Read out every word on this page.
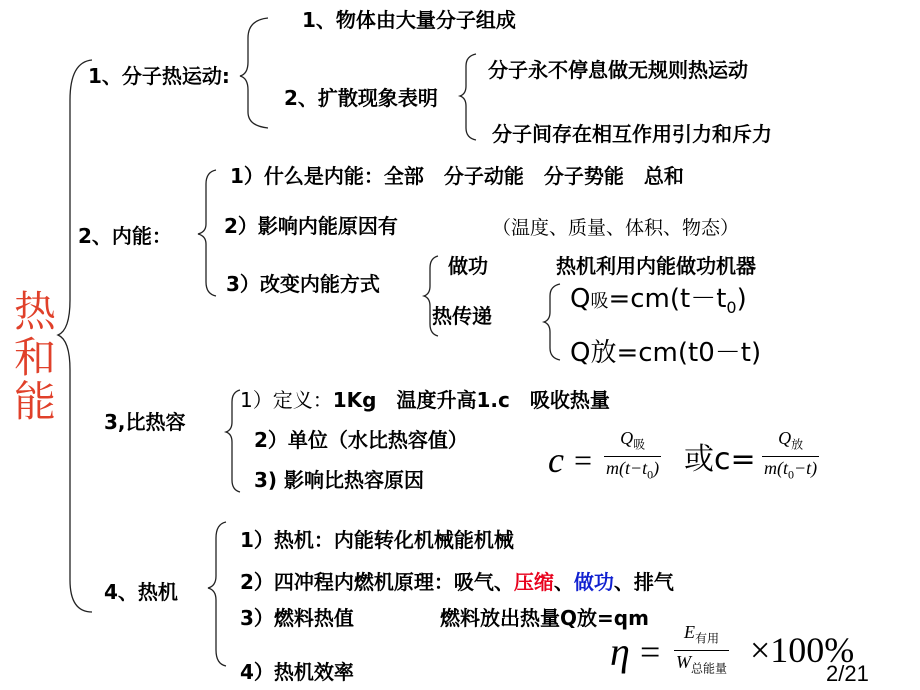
热
和
能
1、分子热运动:
1、物体由大量分子组成
2、扩散现象表明
分子永不停息做无规则热运动
分子间存在相互作用引力和斥力
2、内能：
1）什么是内能：全部　分子动能　分子势能　总和
2）影响内能原因有	（温度、质量、体积、物态）
3）改变内能方式
做功	热机利用内能做功机器
热传递
Q吸$=cm(t-t_0)$
Q放=cm(t0－t)
3,比热容
1）定义：1Kg　温度升高1.c　吸收热量
2）单位（水比热容值）
3) 影响比热容原因	c =
$Q_吸$
$m(t-t_0)$ 或c=
$Q_放$
$m(t_0-t)$
4、热机
1）热机：内能转化机械能机械
2）四冲程内燃机原理：吸气、压缩、做功、排气
3）燃料热值	燃料放出热量Q放=qm
4）热机效率	η =	$E_{有用}$
$W_{总能量} \times 100\%$
2/21
